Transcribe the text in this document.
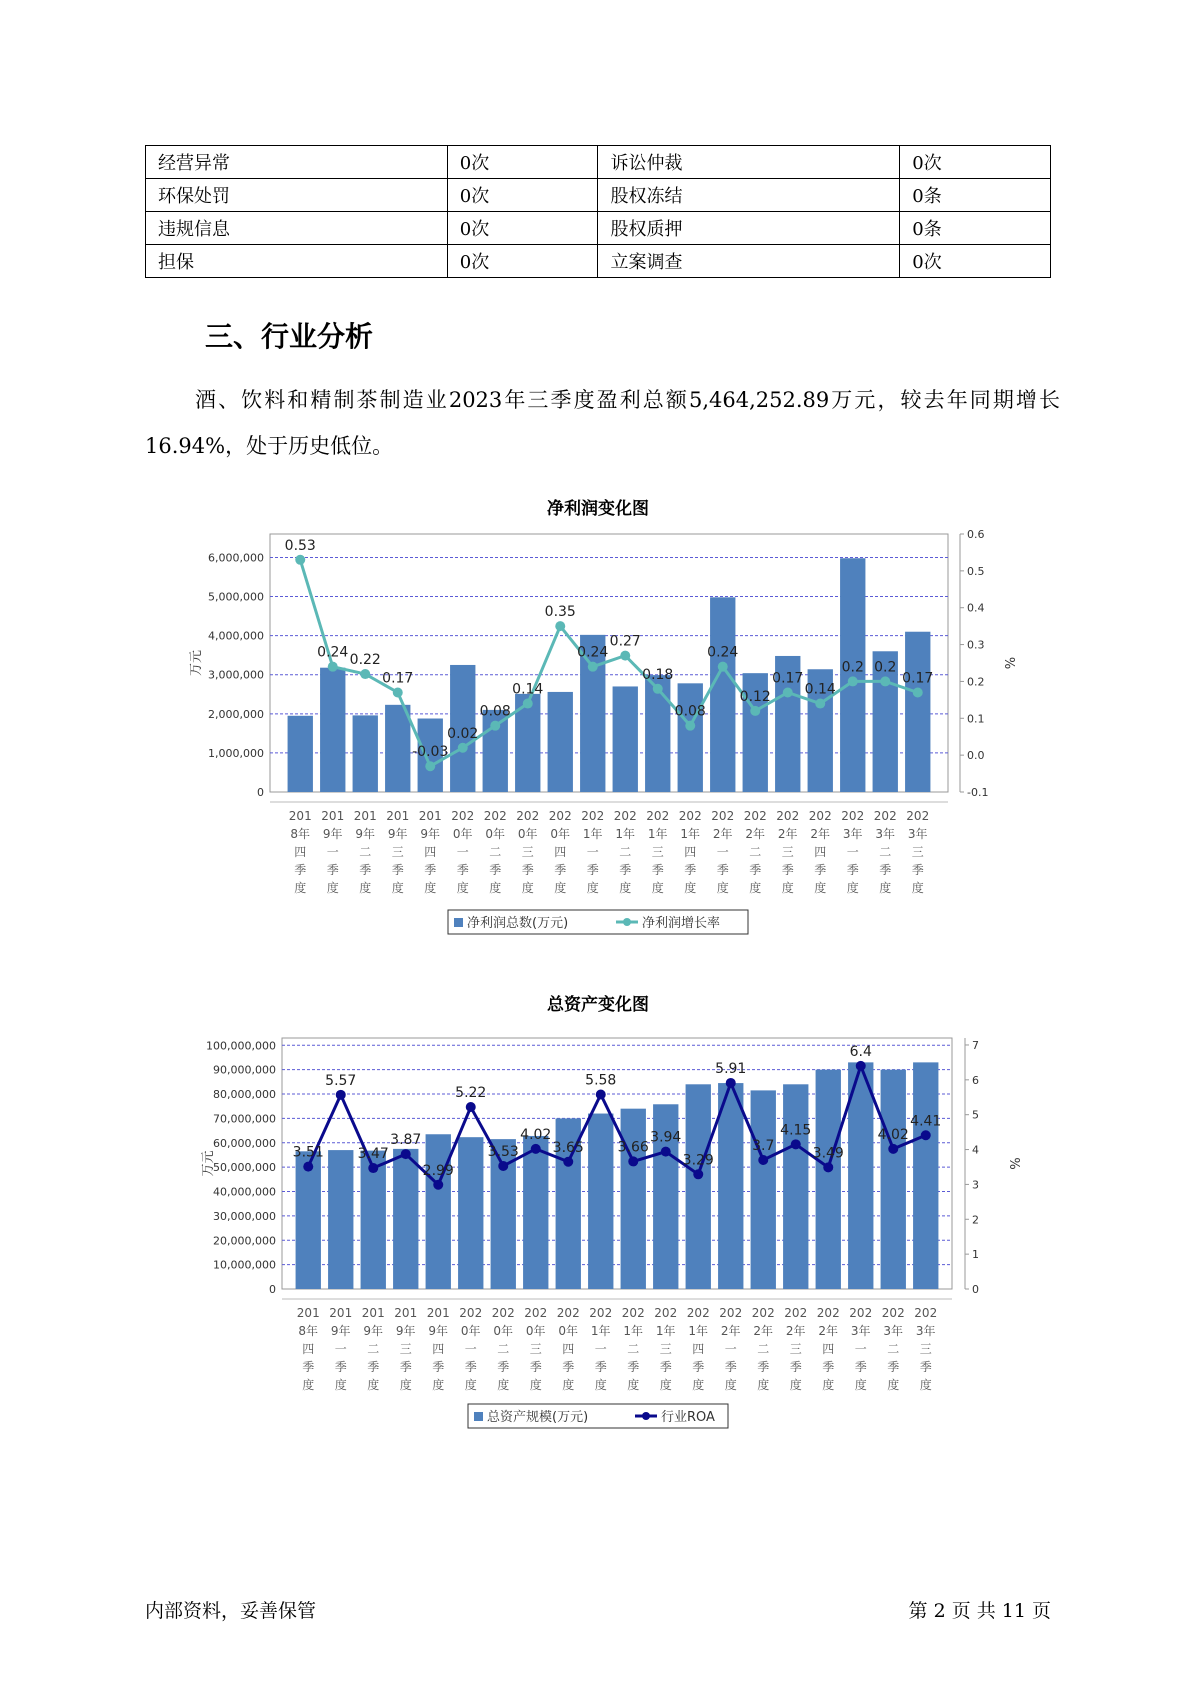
经营异常	0次	诉讼仲裁	0次
环保处罚	0次	股权冻结	0条
违规信息	0次	股权质押	0条
担保	0次	立案调查	0次
三、行业分析
酒、饮料和精制茶制造业2023年三季度盈利总额5,464,252.89万元，较去年同期增长16.94%，处于历史低位。
净利润变化图
0
1,000,000
2,000,000
3,000,000
4,000,000
5,000,000
6,000,000
-0.1
0.0
0.1
0.2
0.3
0.4
0.5
0.6
万元	%
201
8年
四
季
度
201
9年
一
季
度
201
9年
二
季
度
201
9年
三
季
度
201
9年
四
季
度
202
0年
一
季
度
202
0年
二
季
度
202
0年
三
季
度
202
0年
四
季
度
202
1年
一
季
度
202
1年
二
季
度
202
1年
三
季
度
202
1年
四
季
度
202
2年
一
季
度
202
2年
二
季
度
202
2年
三
季
度
202
2年
四
季
度
202
3年
一
季
度
202
3年
二
季
度
202
3年
三
季
度
0.53
0.24 0.22
0.17
-0.03
0.02
0.08
0.14
0.35
0.24
0.27
0.18
0.08
0.24
0.12
0.17
0.14
0.2 0.2
0.17
净利润总数(万元)	净利润增长率
总资产变化图
0
10,000,000
20,000,000
30,000,000
40,000,000
50,000,000
60,000,000
70,000,000
80,000,000
90,000,000
100,000,000
0
1
2
3
4
5
6
7
万元	%
201
8年
四
季
度
201
9年
一
季
度
201
9年
二
季
度
201
9年
三
季
度
201
9年
四
季
度
202
0年
一
季
度
202
0年
二
季
度
202
0年
三
季
度
202
0年
四
季
度
202
1年
一
季
度
202
1年
二
季
度
202
1年
三
季
度
202
1年
四
季
度
202
2年
一
季
度
202
2年
二
季
度
202
2年
三
季
度
202
2年
四
季
度
202
3年
一
季
度
202
3年
二
季
度
202
3年
三
季
度
3.51
5.57
3.47
3.87
2.99
5.22
3.53
4.02
3.65
5.58
3.66
3.94
3.29
5.91
3.7
4.15
3.49
6.4
4.02
4.41
总资产规模(万元)	行业ROA
内部资料，妥善保管	第 2 页 共 11 页
